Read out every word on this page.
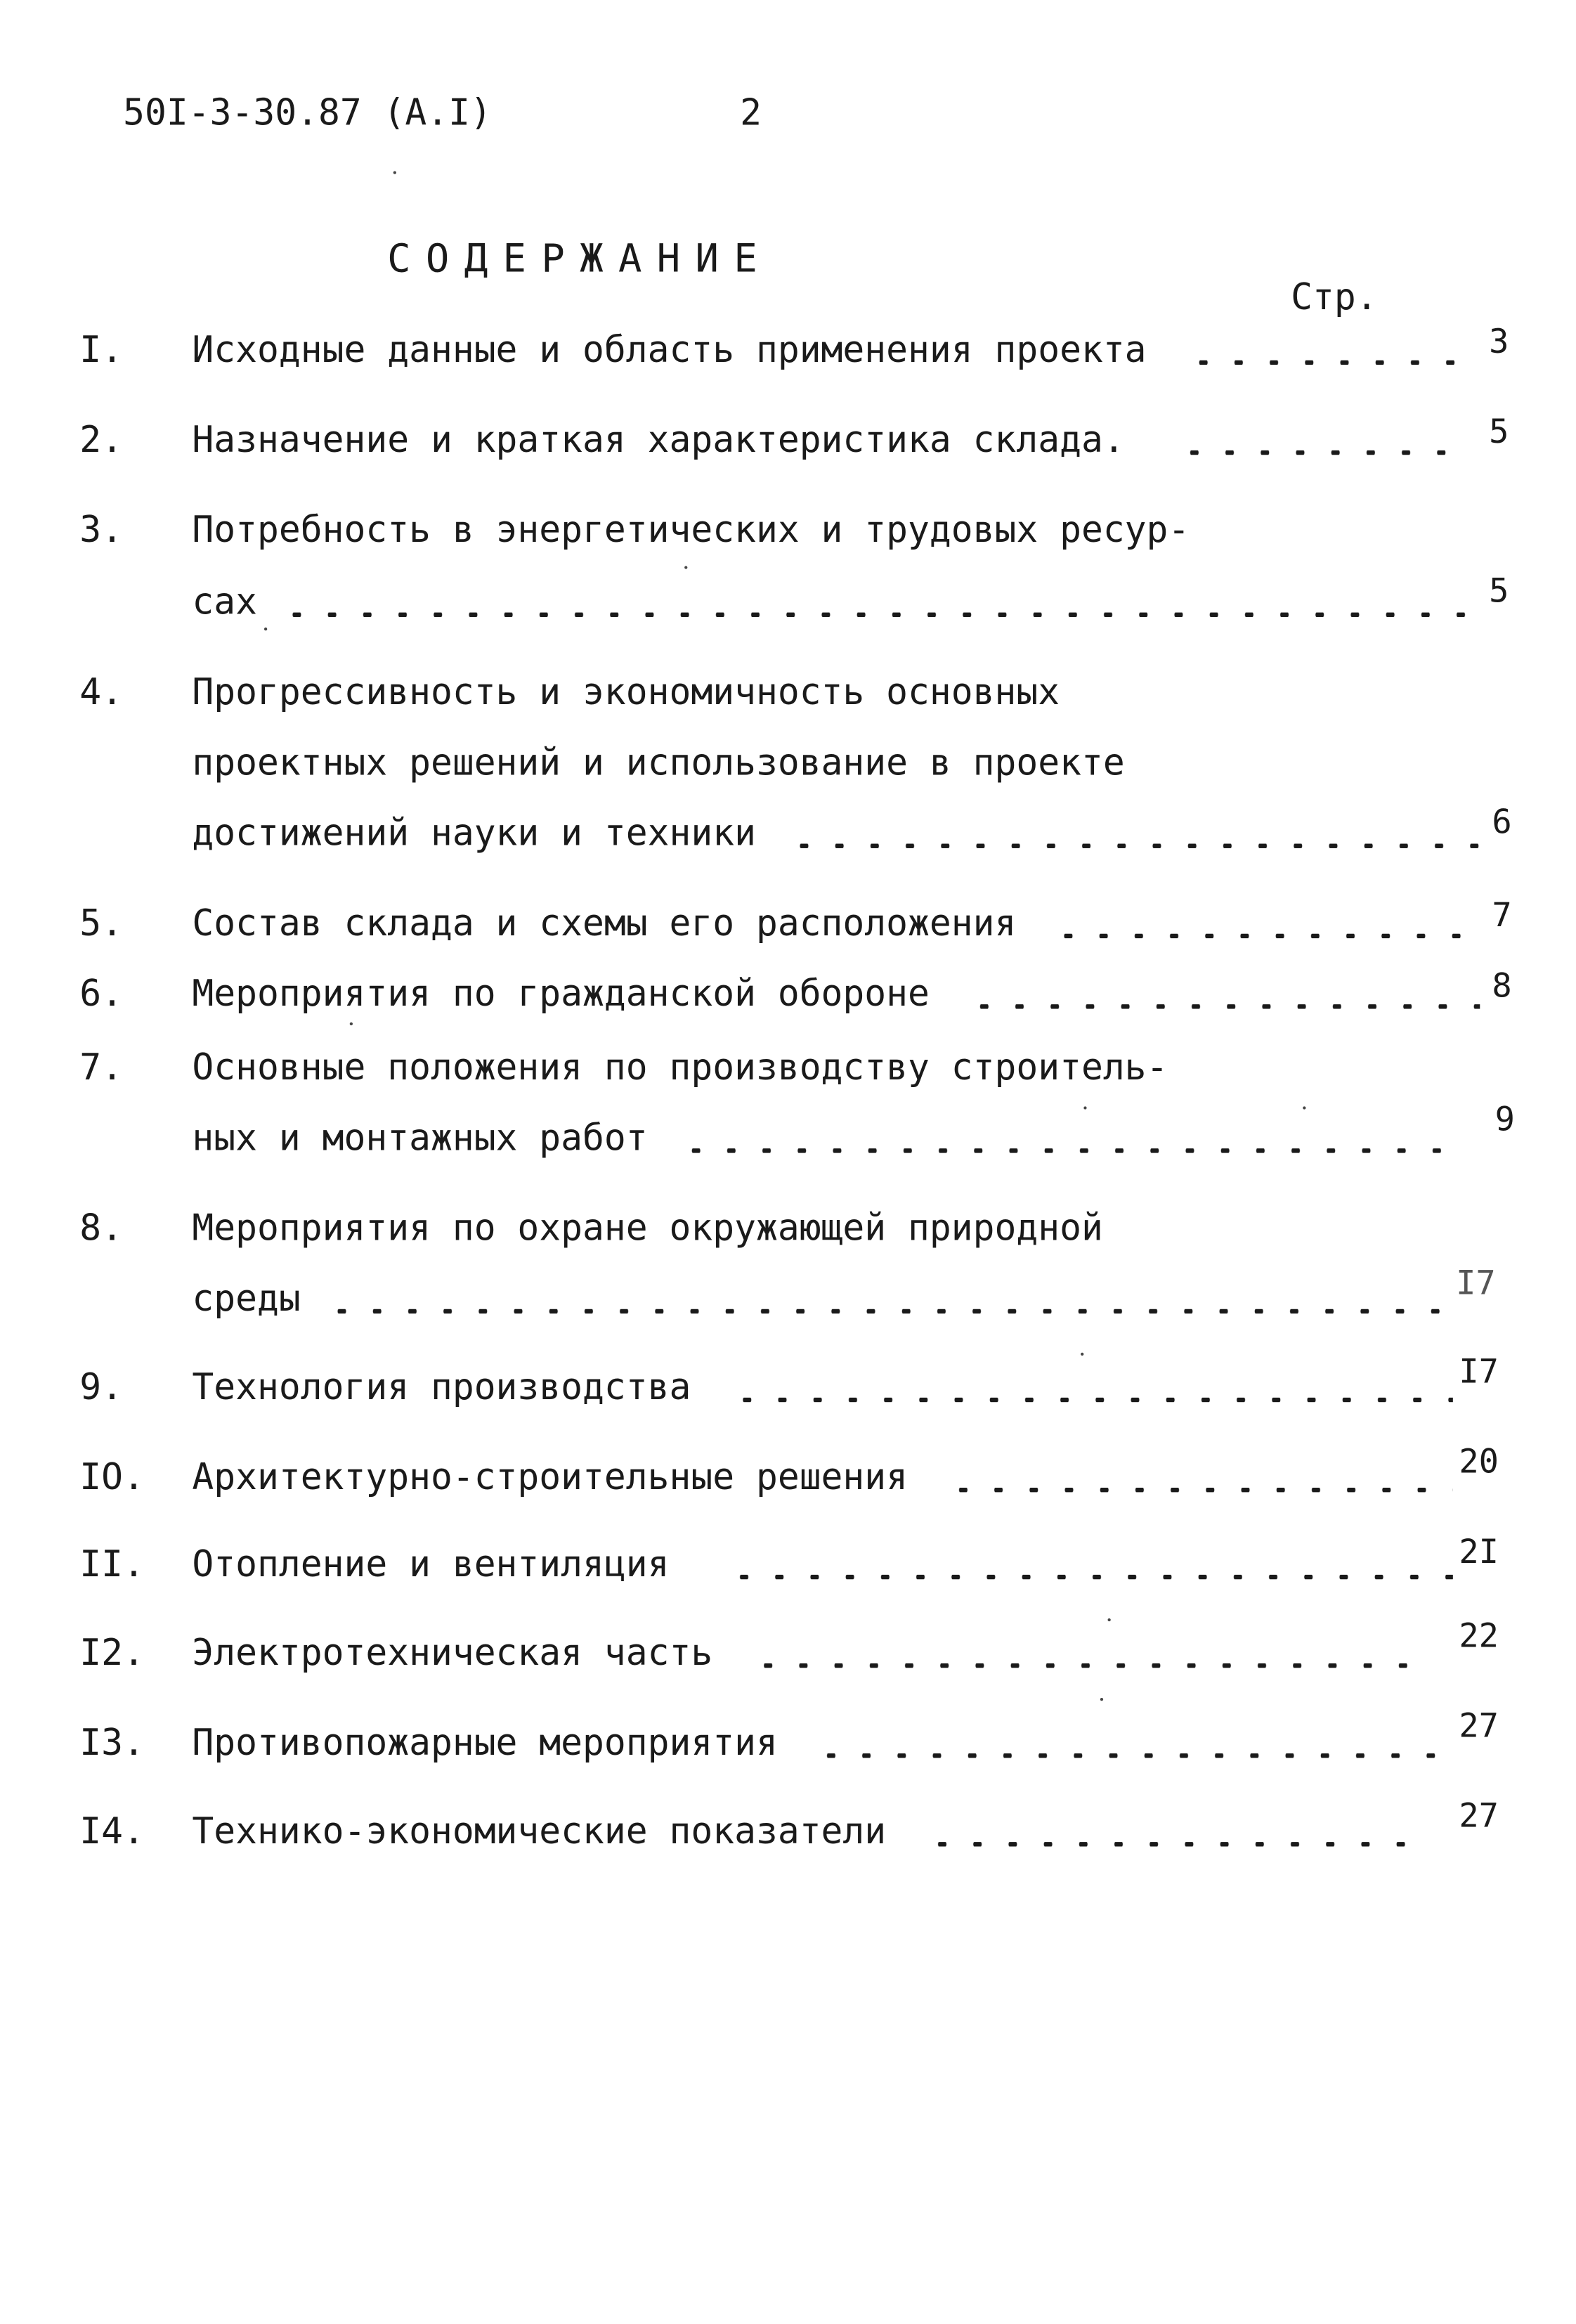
50I-3-30.87 (A.I)	2
СОДЕРЖАНИЕ
Стр.
I.	Исходные данные и область применения проекта	3
2.	Назначение и краткая характеристика склада.	5
3.	Потребность в энергетических и трудовых ресур-
сах	5
4.	Прогрессивность и экономичность основных
проектных решений и использование в проекте
достижений науки и техники	6
5.	Состав склада и схемы его расположения	7
6.	Мероприятия по гражданской обороне	8
7.	Основные положения по производству строитель-
ных и монтажных работ	9
8.	Мероприятия по охране окружающей природной
среды	I7
9.	Технология производства	I7
IO.	Архитектурно-строительные решения	20
II.	Отопление и вентиляция	2I
I2.	Электротехническая часть	22
I3.	Противопожарные мероприятия	27
I4.	Технико-экономические показатели	27
